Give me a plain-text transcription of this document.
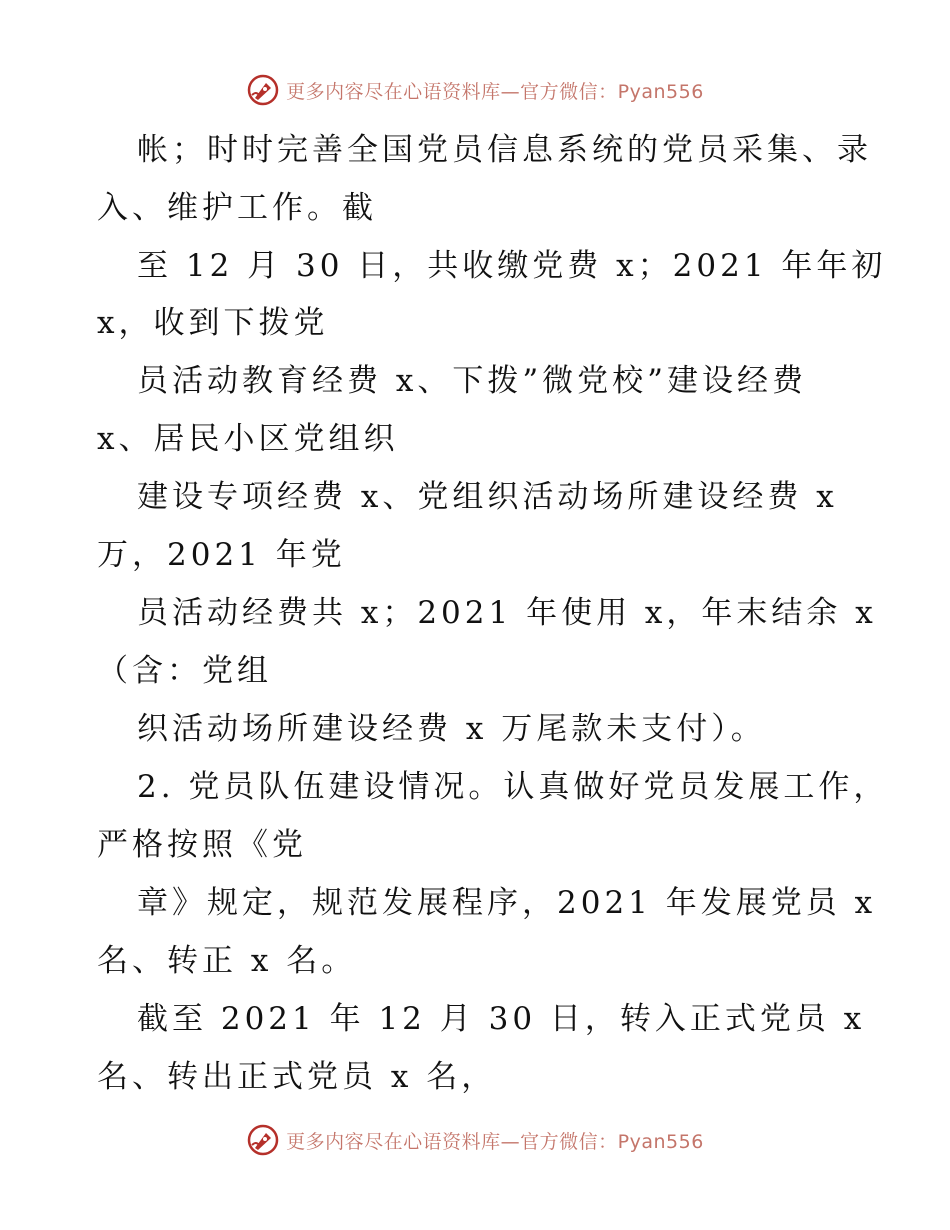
更多内容尽在心语资料库—官方微信：Pyan556
帐；时时完善全国党员信息系统的党员采集、录
入、维护工作。截
至 12 月 30 日，共收缴党费 x；2021 年年初
x，收到下拨党
员活动教育经费 x、下拨”微党校”建设经费
x、居民小区党组织
建设专项经费 x、党组织活动场所建设经费 x
万，2021 年党
员活动经费共 x；2021 年使用 x，年末结余 x
（含：党组
织活动场所建设经费 x 万尾款未支付）。
2. 党员队伍建设情况。认真做好党员发展工作，
严格按照《党
章》规定，规范发展程序，2021 年发展党员 x
名、转正 x 名。
截至 2021 年 12 月 30 日，转入正式党员 x
名、转出正式党员 x 名，
更多内容尽在心语资料库—官方微信：Pyan556
